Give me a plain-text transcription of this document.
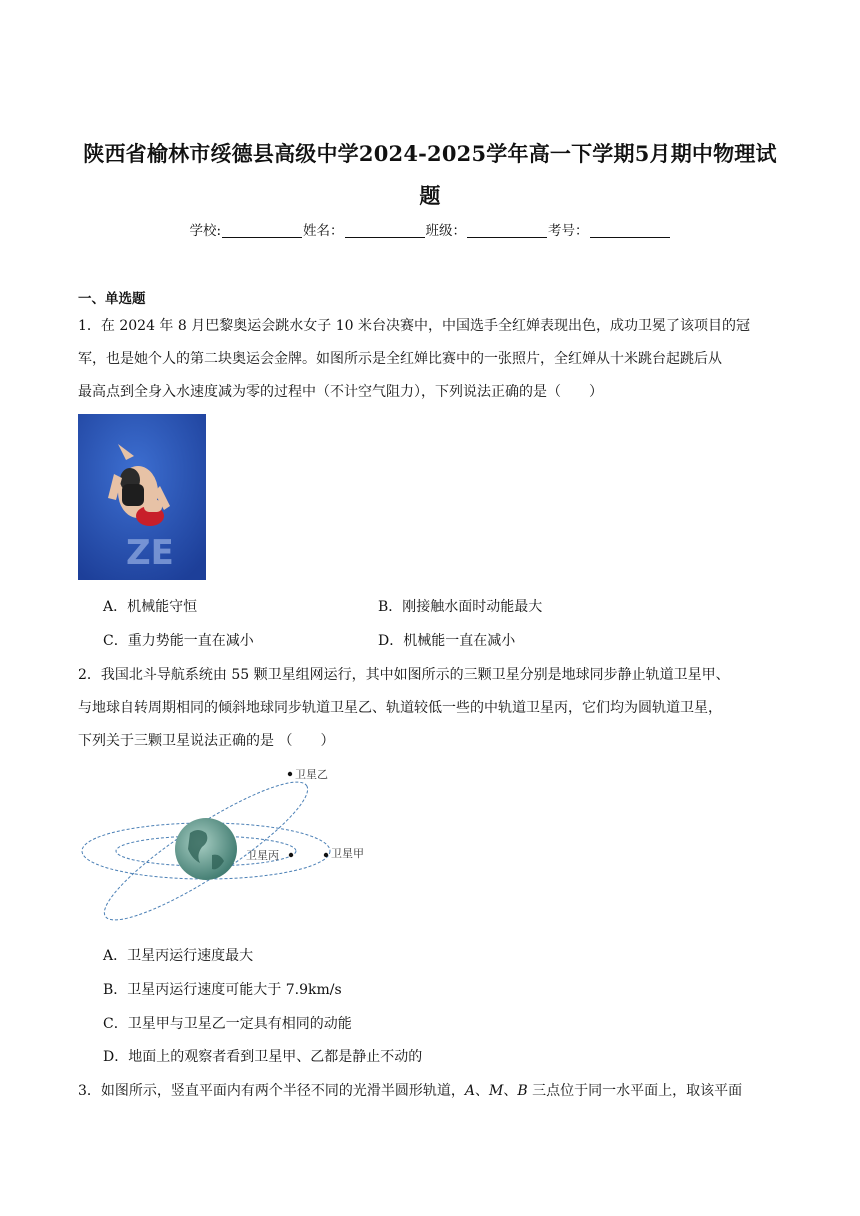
陕西省榆林市绥德县高级中学2024-2025学年高一下学期5月期中物理试
题
学校:	姓名：	班级：	考号：
一、单选题
1．在 2024 年 8 月巴黎奥运会跳水女子 10 米台决赛中，中国选手全红婵表现出色，成功卫冕了该项目的冠
军，也是她个人的第二块奥运会金牌。如图所示是全红婵比赛中的一张照片，全红婵从十米跳台起跳后从
最高点到全身入水速度减为零的过程中（不计空气阻力），下列说法正确的是（　　）
ZE
A．机械能守恒	B．刚接触水面时动能最大
C．重力势能一直在减小	D．机械能一直在减小
2．我国北斗导航系统由 55 颗卫星组网运行，其中如图所示的三颗卫星分别是地球同步静止轨道卫星甲、
与地球自转周期相同的倾斜地球同步轨道卫星乙、轨道较低一些的中轨道卫星丙，它们均为圆轨道卫星，
下列关于三颗卫星说法正确的是 （　　）
卫星乙
卫星甲
卫星丙
A．卫星丙运行速度最大
B．卫星丙运行速度可能大于 7.9km/s
C．卫星甲与卫星乙一定具有相同的动能
D．地面上的观察者看到卫星甲、乙都是静止不动的
3．如图所示，竖直平面内有两个半径不同的光滑半圆形轨道，A、M、B 三点位于同一水平面上，取该平面
